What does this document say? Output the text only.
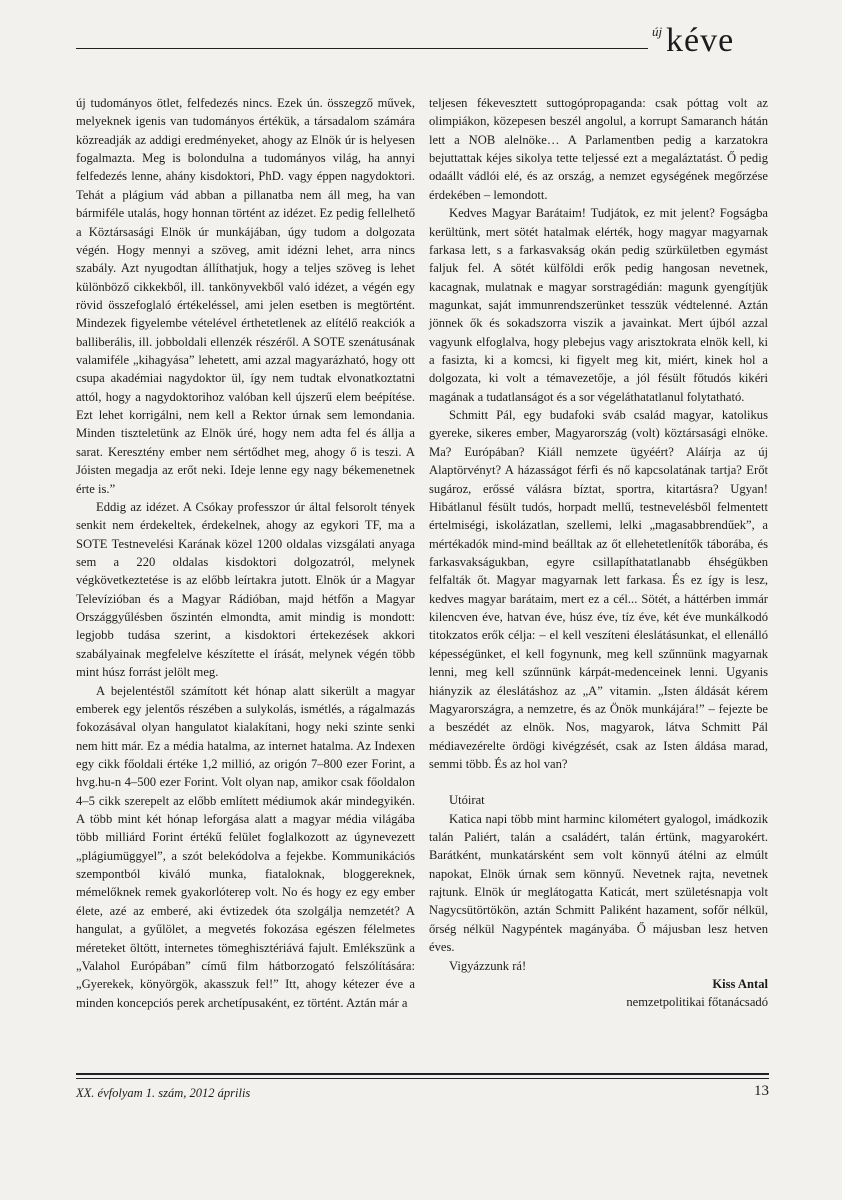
új kéve

új tudományos ötlet, felfedezés nincs. Ezek ún. összegző művek, melyeknek igenis van tudományos értékük, a társadalom számára közreadják az addigi eredményeket, ahogy az Elnök úr is helyesen fogalmazta. Meg is bolondulna a tudományos világ, ha annyi felfedezés lenne, ahány kisdoktori, PhD. vagy éppen nagydoktori. Tehát a plágium vád abban a pillanatba nem áll meg, ha van bármiféle utalás, hogy honnan történt az idézet. Ez pedig fellelhető a Köztársasági Elnök úr munkájában, úgy tudom a dolgozata végén. Hogy mennyi a szöveg, amit idézni lehet, arra nincs szabály. Azt nyugodtan állíthatjuk, hogy a teljes szöveg is lehet különböző cikkekből, ill. tankönyvekből való idézet, a végén egy rövid összefoglaló értékeléssel, ami jelen esetben is megtörtént. Mindezek figyelembe vételével érthetetlenek az elítélő reakciók a balliberális, ill. jobboldali ellenzék részéről. A SOTE szenátusának valamiféle „kihagyása” lehetett, ami azzal magyarázható, hogy ott csupa akadémiai nagydoktor ül, így nem tudtak elvonatkoztatni attól, hogy a nagydoktorihoz valóban kell újszerű elem beépítése. Ezt lehet korrigálni, nem kell a Rektor úrnak sem lemondania. Minden tiszteletünk az Elnök úré, hogy nem adta fel és állja a sarat. Keresztény ember nem sértődhet meg, ahogy ő is teszi. A Jóisten megadja az erőt neki. Ideje lenne egy nagy békemenetnek érte is.”

Eddig az idézet. A Csókay professzor úr által felsorolt tények senkit nem érdekeltek, érdekelnek, ahogy az egykori TF, ma a SOTE Testnevelési Karának közel 1200 oldalas vizsgálati anyaga sem a 220 oldalas kisdoktori dolgozatról, melynek végkövetkeztetése is az előbb leírtakra jutott. Elnök úr a Magyar Televízióban és a Magyar Rádióban, majd hétfőn a Magyar Országgyűlésben őszintén elmondta, amit mindig is mondott: legjobb tudása szerint, a kisdoktori értekezések akkori szabályainak megfelelve készítette el írását, melynek végén több mint húsz forrást jelölt meg.

A bejelentéstől számított két hónap alatt sikerült a magyar emberek egy jelentős részében a sulykolás, ismétlés, a rágalmazás fokozásával olyan hangulatot kialakítani, hogy neki szinte senki nem hitt már. Ez a média hatalma, az internet hatalma. Az Indexen egy cikk főoldali értéke 1,2 millió, az origón 7–800 ezer Forint, a hvg.hu-n 4–500 ezer Forint. Volt olyan nap, amikor csak főoldalon 4–5 cikk szerepelt az előbb említett médiumok akár mindegyikén. A több mint két hónap leforgása alatt a magyar média világába több milliárd Forint értékű felület foglalkozott az úgynevezett „plágiumüggyel”, a szót belekódolva a fejekbe. Kommunikációs szempontból kiváló munka, fiataloknak, bloggereknek, mémelőknek remek gyakorlóterep volt. No és hogy ez egy ember élete, azé az emberé, aki évtizedek óta szolgálja nemzetét? A hangulat, a gyűlölet, a megvetés fokozása egészen félelmetes méreteket öltött, internetes tömeghisztériává fajult. Emlékszünk a „Valahol Európában” című film hátborzogató felszólítására: „Gyerekek, könyörgök, akasszuk fel!” Itt, ahogy kétezer éve a minden koncepciós perek archetípusaként, ez történt. Aztán már a

teljesen fékevesztett suttogópropaganda: csak póttag volt az olimpiákon, közepesen beszél angolul, a korrupt Samaranch hátán lett a NOB alelnöke… A Parlamentben pedig a karzatokra bejuttattak kéjes sikolya tette teljessé ezt a megaláztatást. Ő pedig odaállt vádlói elé, és az ország, a nemzet egységének megőrzése érdekében – lemondott.

Kedves Magyar Barátaim! Tudjátok, ez mit jelent? Fogságba kerültünk, mert sötét hatalmak elérték, hogy magyar magyarnak farkasa lett, s a farkasvakság okán pedig szürkületben egymást faljuk fel. A sötét külföldi erők pedig hangosan nevetnek, kacagnak, mulatnak e magyar sorstragédián: magunk gyengítjük magunkat, saját immunrendszerünket tesszük védtelenné. Aztán jönnek ők és sokadszorra viszik a javainkat. Mert újból azzal vagyunk elfoglalva, hogy plebejus vagy arisztokrata elnök kell, ki a fasizta, ki a komcsi, ki figyelt meg kit, miért, kinek hol a dolgozata, ki volt a témavezetője, a jól fésült főtudós kikéri magának a tudatlanságot és a sor végeláthatatlanul folytatható.

Schmitt Pál, egy budafoki sváb család magyar, katolikus gyereke, sikeres ember, Magyarország (volt) köztársasági elnöke. Ma? Európában? Kiáll nemzete ügyéért? Aláírja az új Alaptörvényt? A házasságot férfi és nő kapcsolatának tartja? Erőt sugároz, erőssé válásra bíztat, sportra, kitartásra? Ugyan! Hibátlanul fésült tudós, horpadt mellű, testnevelésből felmentett értelmiségi, iskolázatlan, szellemi, lelki „magasabbrendűek”, a mértékadók mind-mind beálltak az őt ellehetetlenítők táborába, és farkasvakságukban, egyre csillapíthatatlanabb éhségükben felfalták őt. Magyar magyarnak lett farkasa. És ez így is lesz, kedves magyar barátaim, mert ez a cél... Sötét, a háttérben immár kilencven éve, hatvan éve, húsz éve, tíz éve, két éve munkálkodó titokzatos erők célja: – el kell veszíteni éleslátásunkat, el ellenálló képességünket, el kell fogynunk, meg kell szűnnünk magyarnak lenni, meg kell szűnnünk kárpát-medenceinek lenni. Ugyanis hiányzik az éleslátáshoz az „A” vitamin. „Isten áldását kérem Magyarországra, a nemzetre, és az Önök munkájára!” – fejezte be a beszédét az elnök. Nos, magyarok, látva Schmitt Pál médiavezérelte ördögi kivégzését, csak az Isten áldása marad, semmi több. És az hol van?

Utóirat

Katica napi több mint harminc kilométert gyalogol, imádkozik talán Paliért, talán a családért, talán értünk, magyarokért. Barátként, munkatársként sem volt könnyű átélni az elmúlt napokat, Elnök úrnak sem könnyű. Nevetnek rajta, nevetnek rajtunk. Elnök úr meglátogatta Katicát, mert születésnapja volt Nagycsütörtökön, aztán Schmitt Paliként hazament, sofőr nélkül, őrség nélkül Nagypéntek magányába. Ő májusban lesz hetven éves.

Vigyázzunk rá!

Kiss Antal

nemzetpolitikai főtanácsadó

XX. évfolyam 1. szám, 2012 április	13
